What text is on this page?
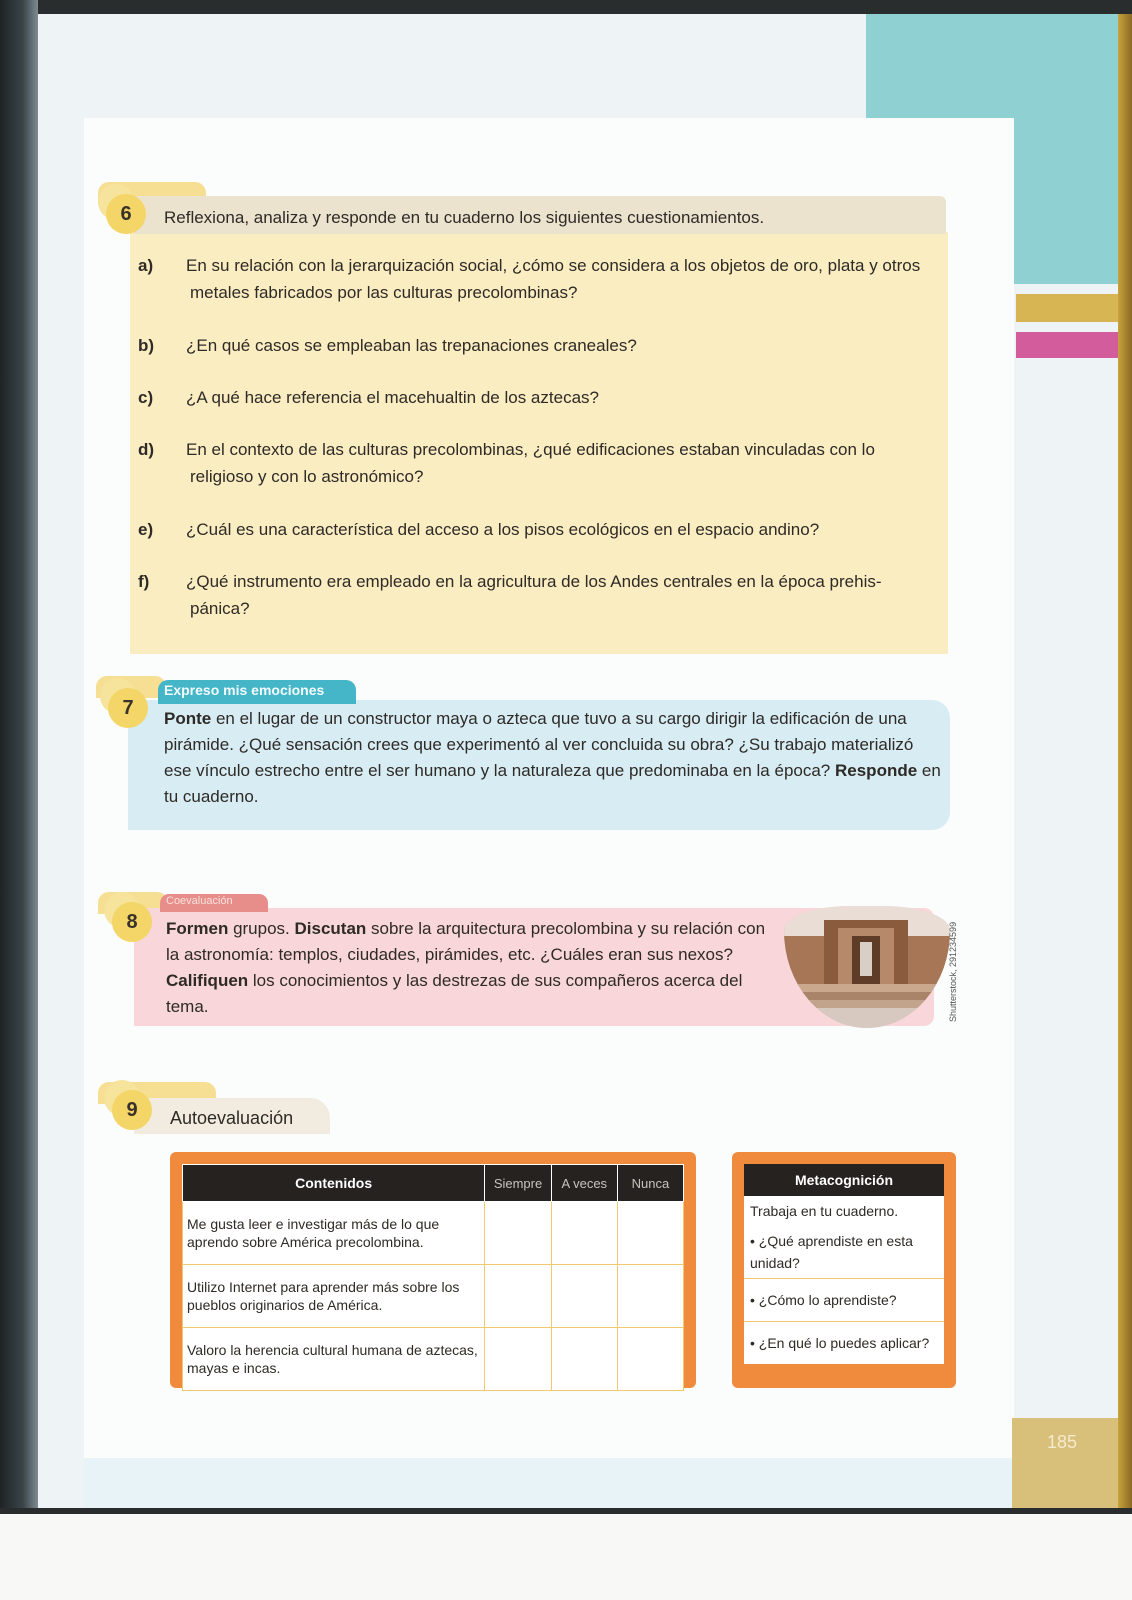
185
6	Reflexiona, analiza y responde en tu cuaderno los siguientes cuestionamientos.
a) En su relación con la jerarquización social, ¿cómo se considera a los objetos de oro, plata y otros metales fabricados por las culturas precolombinas?
b) ¿En qué casos se empleaban las trepanaciones craneales?
c) ¿A qué hace referencia el macehualtin de los aztecas?
d) En el contexto de las culturas precolombinas, ¿qué edificaciones estaban vinculadas con lo religioso y con lo astronómico?
e) ¿Cuál es una característica del acceso a los pisos ecológicos en el espacio andino?
f) ¿Qué instrumento era empleado en la agricultura de los Andes centrales en la época prehis-pánica?
Expreso mis emociones
7	Ponte en el lugar de un constructor maya o azteca que tuvo a su cargo dirigir la edificación de una pirámide. ¿Qué sensación crees que experimentó al ver concluida su obra? ¿Su trabajo materializó ese vínculo estrecho entre el ser humano y la naturaleza que predominaba en la época? Responde en tu cuaderno.
Coevaluación
8	Formen grupos. Discutan sobre la arquitectura precolombina y su relación con la astronomía: templos, ciudades, pirámides, etc. ¿Cuáles eran sus nexos? Califiquen los conocimientos y las destrezas de sus compañeros acerca del tema.	Shutterstock, 291234599
9	Autoevaluación
Contenidos	Siempre	A veces	Nunca
Me gusta leer e investigar más de lo que aprendo sobre América precolombina.			
Utilizo Internet para aprender más sobre los pueblos originarios de América.			
Valoro la herencia cultural humana de aztecas, mayas e incas.			
Metacognición
Trabaja en tu cuaderno.
• ¿Qué aprendiste en esta unidad?
• ¿Cómo lo aprendiste?
• ¿En qué lo puedes aplicar?
